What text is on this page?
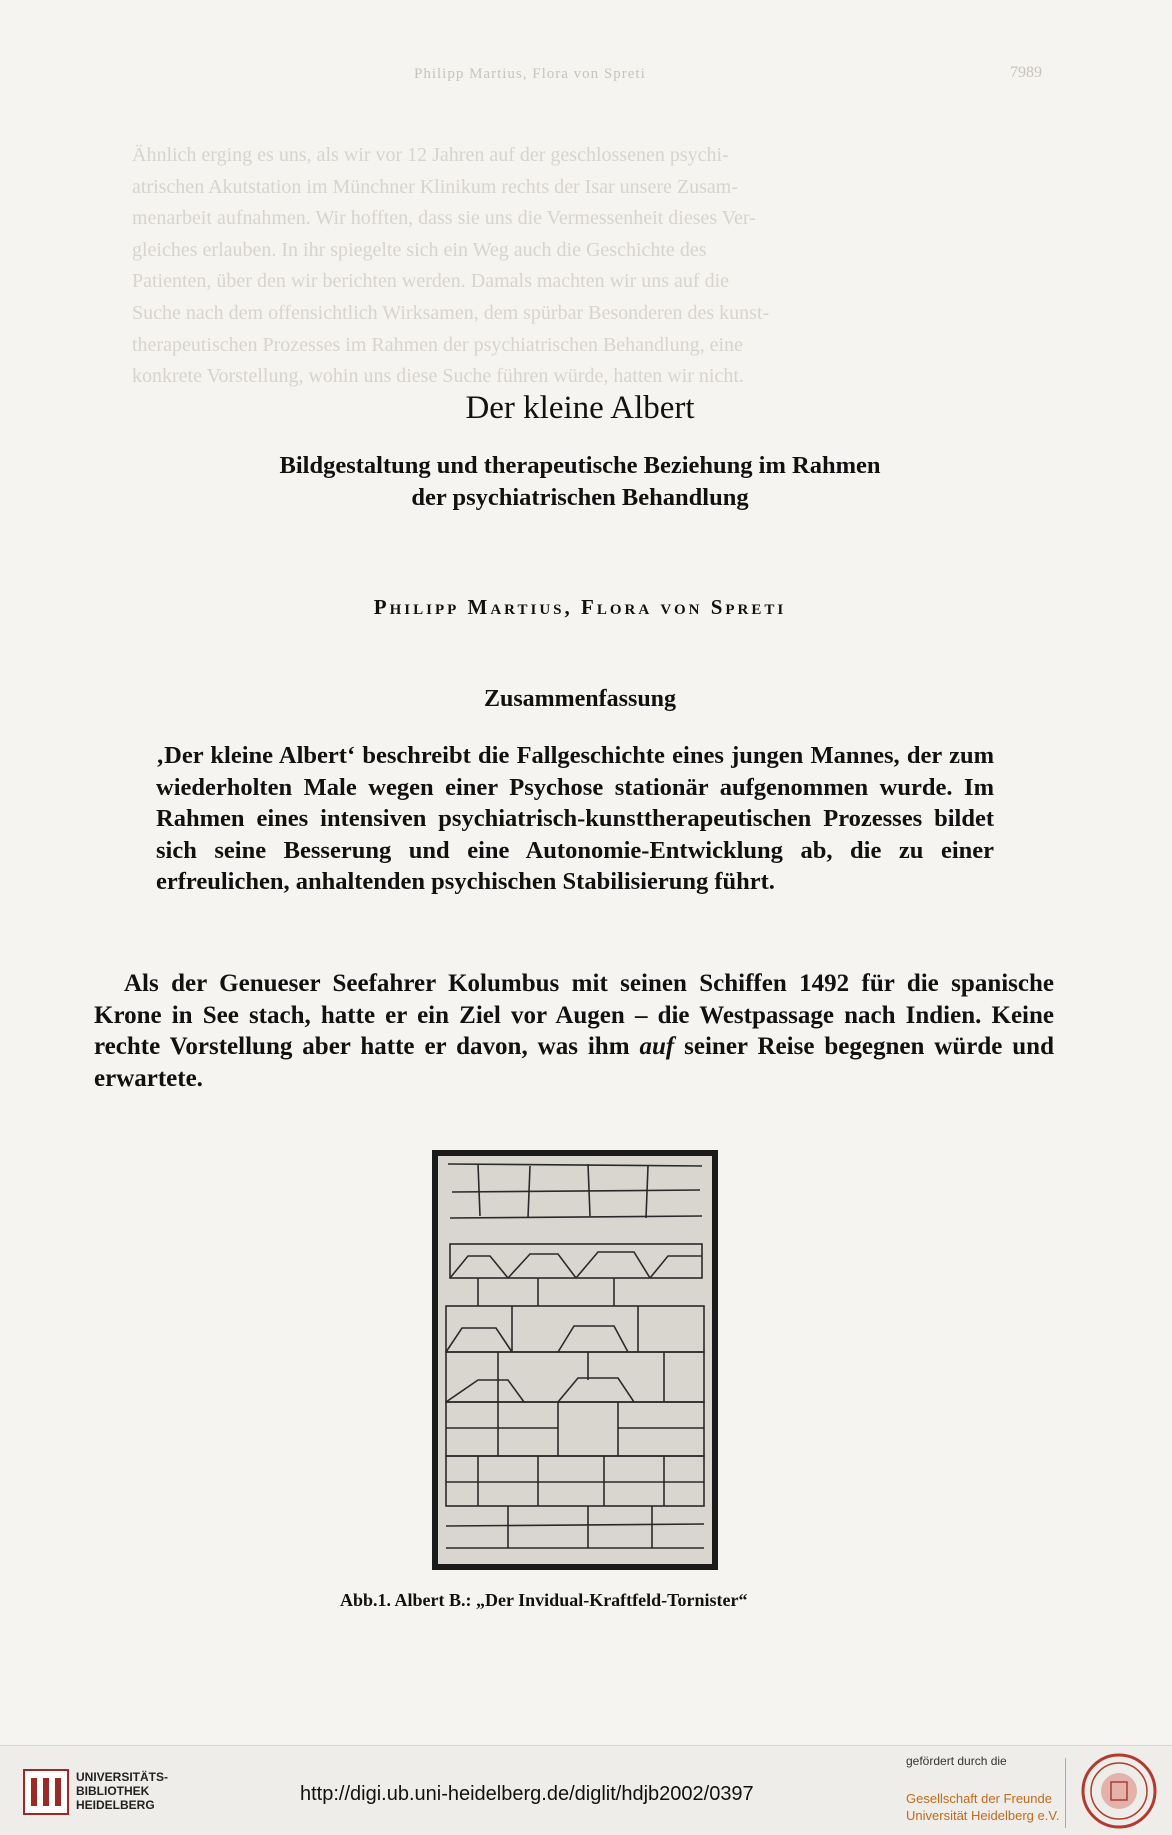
Philipp Martius, Flora von Spreti	7989

Ähnlich erging es uns, als wir vor 12 Jahren auf der geschlossenen psychi-

atrischen Akutstation im Münchner Klinikum rechts der Isar unsere Zusam-

menarbeit aufnahmen. Wir hofften, dass sie uns die Vermessenheit dieses Ver-

gleiches erlauben. In ihr spiegelte sich ein Weg auch die Geschichte des

Patienten, über den wir berichten werden. Damals machten wir uns auf die

Suche nach dem offensichtlich Wirksamen, dem spürbar Besonderen des kunst-

therapeutischen Prozesses im Rahmen der psychiatrischen Behandlung, eine

konkrete Vorstellung, wohin uns diese Suche führen würde, hatten wir nicht.

Der kleine Albert
Bildgestaltung und therapeutische Beziehung im Rahmen
der psychiatrischen Behandlung
Philipp Martius, Flora von Spreti
Zusammenfassung

‚Der kleine Albert‘ beschreibt die Fallgeschichte eines jungen Mannes, der zum wiederholten Male wegen einer Psychose stationär aufgenommen wurde. Im Rahmen eines intensiven psychiatrisch-kunsttherapeutischen Prozesses bildet sich seine Besserung und eine Autonomie-Entwicklung ab, die zu einer erfreulichen, anhaltenden psychischen Stabilisierung führt.

Als der Genueser Seefahrer Kolumbus mit seinen Schiffen 1492 für die spanische Krone in See stach, hatte er ein Ziel vor Augen – die Westpassage nach Indien. Keine rechte Vorstellung aber hatte er davon, was ihm auf seiner Reise begegnen würde und erwartete.

Abb.1. Albert B.: „Der Invidual-Kraftfeld-Tornister“
UNIVERSITÄTS-
BIBLIOTHEK
HEIDELBERG	http://digi.ub.uni-heidelberg.de/diglit/hdjb2002/0397
gefördert durch die
Gesellschaft der Freunde
Universität Heidelberg e.V.
